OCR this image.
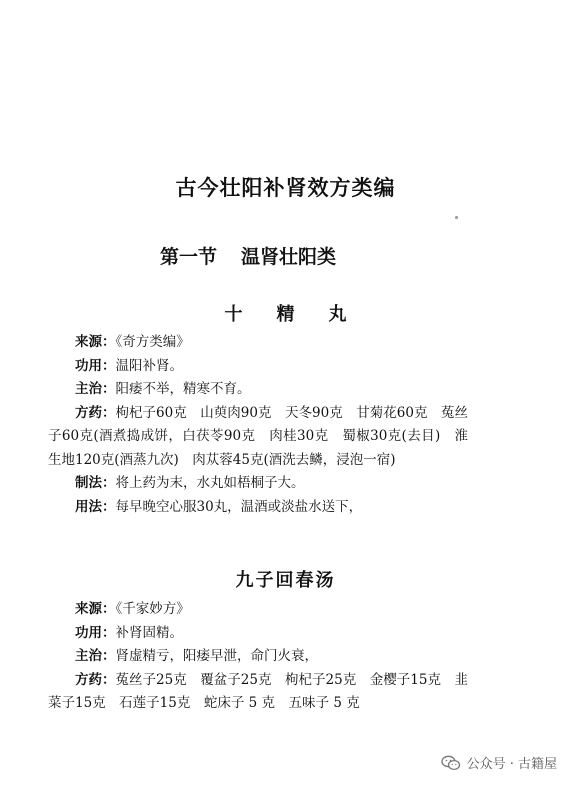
古今壮阳补肾效方类编
第一节 温肾壮阳类
十精丸

来源：《奇方类编》

功用：温阳补肾。

主治：阳痿不举，精寒不育。

方药：枸杞子60克　山萸肉90克　天冬90克　甘菊花60克　菟丝子60克(酒煮捣成饼，白茯苓90克　肉桂30克　蜀椒30克(去目)　淮生地120克(酒蒸九次)　肉苁蓉45克(酒洗去鳞，浸泡一宿)

制法：将上药为末，水丸如梧桐子大。

用法：每早晚空心服30丸，温酒或淡盐水送下，

九子回春汤

来源：《千家妙方》

功用：补肾固精。

主治：肾虚精亏，阳痿早泄，命门火衰，

方药：菟丝子25克　覆盆子25克　枸杞子25克　金樱子15克　韭菜子15克　石莲子15克　蛇床子 5 克　五味子 5 克

公众号 · 古籍屋
